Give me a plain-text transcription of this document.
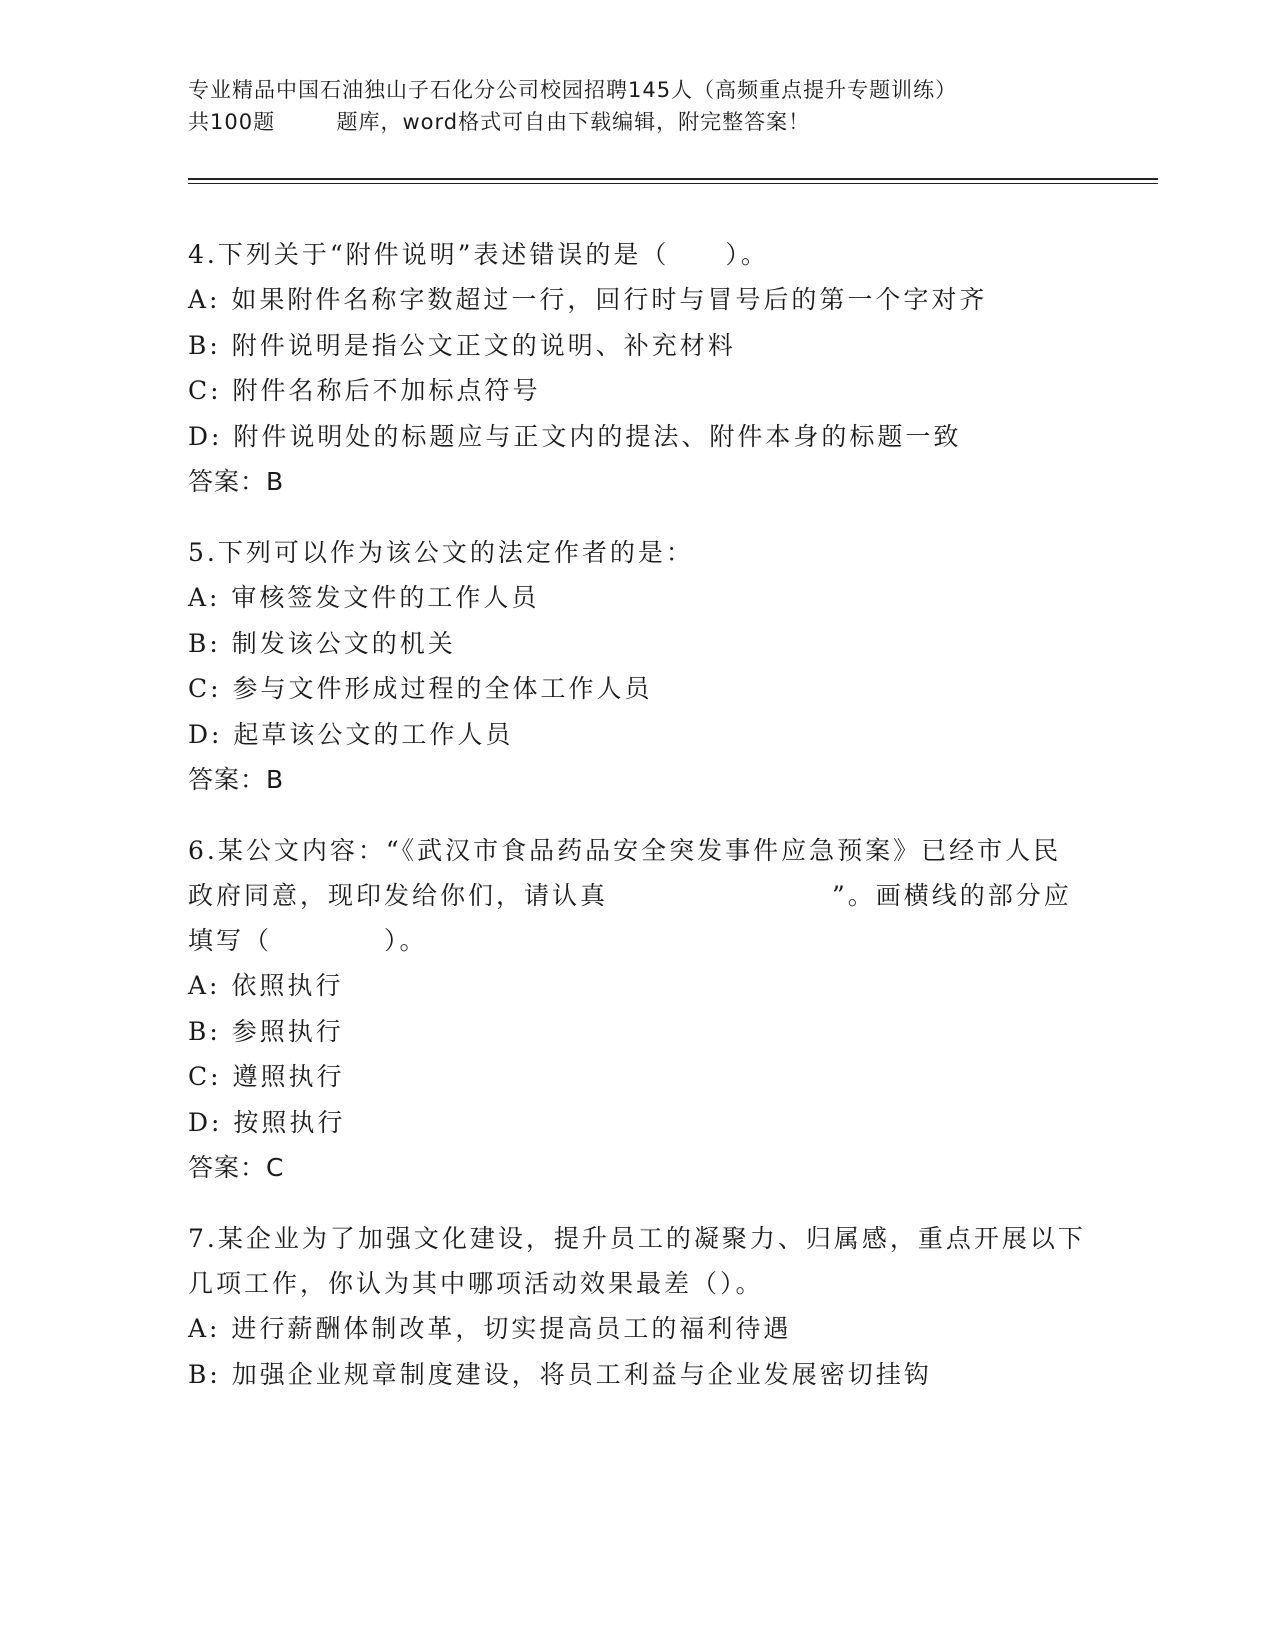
专业精品中国石油独山子石化分公司校园招聘145人（高频重点提升专题训练）
共100题        题库，word格式可自由下载编辑，附完整答案！
4.下列关于“附件说明”表述错误的是（　　）。
A: 如果附件名称字数超过一行，回行时与冒号后的第一个字对齐
B: 附件说明是指公文正文的说明、补充材料
C: 附件名称后不加标点符号
D: 附件说明处的标题应与正文内的提法、附件本身的标题一致
答案：B
5.下列可以作为该公文的法定作者的是：
A: 审核签发文件的工作人员
B: 制发该公文的机关
C: 参与文件形成过程的全体工作人员
D: 起草该公文的工作人员
答案：B
6.某公文内容：“《武汉市食品药品安全突发事件应急预案》已经市人民政府同意，现印发给你们，请认真　　　　　　　　”。画横线的部分应填写（　　　　）。
A: 依照执行
B: 参照执行
C: 遵照执行
D: 按照执行
答案：C
7.某企业为了加强文化建设，提升员工的凝聚力、归属感，重点开展以下几项工作，你认为其中哪项活动效果最差（）。
A: 进行薪酬体制改革，切实提高员工的福利待遇
B: 加强企业规章制度建设，将员工利益与企业发展密切挂钩
